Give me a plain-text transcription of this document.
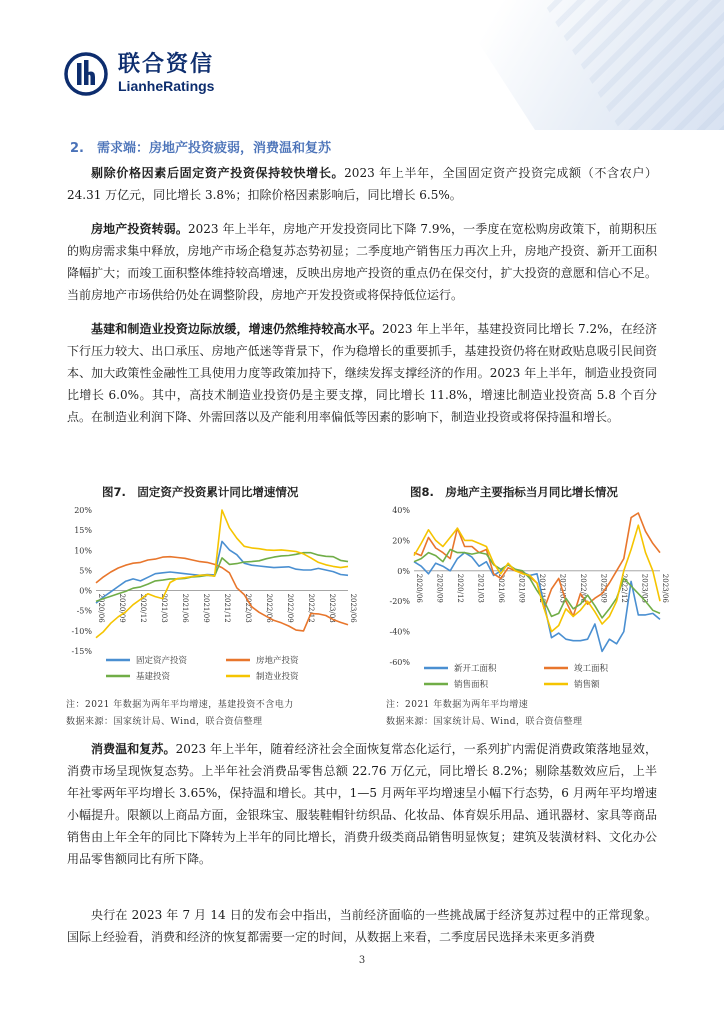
联合资信
LianheRatings
2.　需求端：房地产投资疲弱，消费温和复苏

剔除价格因素后固定资产投资保持较快增长。2023 年上半年，全国固定资产投资完成额（不含农户）24.31 万亿元，同比增长 3.8%；扣除价格因素影响后，同比增长 6.5%。

房地产投资转弱。2023 年上半年，房地产开发投资同比下降 7.9%，一季度在宽松购房政策下，前期积压的购房需求集中释放，房地产市场企稳复苏态势初显；二季度地产销售压力再次上升，房地产投资、新开工面积降幅扩大；而竣工面积整体维持较高增速，反映出房地产投资的重点仍在保交付，扩大投资的意愿和信心不足。当前房地产市场供给仍处在调整阶段，房地产开发投资或将保持低位运行。

基建和制造业投资边际放缓，增速仍然维持较高水平。2023 年上半年，基建投资同比增长 7.2%，在经济下行压力较大、出口承压、房地产低迷等背景下，作为稳增长的重要抓手，基建投资仍将在财政贴息吸引民间资本、加大政策性金融性工具使用力度等政策加持下，继续发挥支撑经济的作用。2023 年上半年，制造业投资同比增长 6.0%。其中，高技术制造业投资仍是主要支撑，同比增长 11.8%，增速比制造业投资高 5.8 个百分点。在制造业利润下降、外需回落以及产能利用率偏低等因素的影响下，制造业投资或将保持温和增长。

图7.　固定资产投资累计同比增速情况
20%
15%
10%
5%
0%
-5%
-10%
-15%
2020/06 2020/09 2020/12 2021/03 2021/06 2021/09 2021/12 2022/03 2022/06 2022/09 2022/12 2023/03 2023/06
固定资产投资	房地产投资
基建投资	制造业投资
注：2021 年数据为两年平均增速，基建投资不含电力
数据来源：国家统计局、Wind，联合资信整理
图8.　房地产主要指标当月同比增长情况
40%
20%
0%
-20%
-40%
-60%
2020/06 2020/09 2020/12 2021/03 2021/06 2021/09 2021/12 2022/03 2022/06 2022/09 2022/12 2023/03 2023/06
新开工面积	竣工面积
销售面积	销售额
注：2021 年数据为两年平均增速
数据来源：国家统计局、Wind，联合资信整理

消费温和复苏。2023 年上半年，随着经济社会全面恢复常态化运行，一系列扩内需促消费政策落地显效，消费市场呈现恢复态势。上半年社会消费品零售总额 22.76 万亿元，同比增长 8.2%；剔除基数效应后，上半年社零两年平均增长 3.65%，保持温和增长。其中，1—5 月两年平均增速呈小幅下行态势，6 月两年平均增速小幅提升。限额以上商品方面，金银珠宝、服装鞋帽针纺织品、化妆品、体育娱乐用品、通讯器材、家具等商品销售由上年全年的同比下降转为上半年的同比增长，消费升级类商品销售明显恢复；建筑及装潢材料、文化办公用品零售额同比有所下降。

央行在 2023 年 7 月 14 日的发布会中指出，当前经济面临的一些挑战属于经济复苏过程中的正常现象。国际上经验看，消费和经济的恢复都需要一定的时间，从数据上来看，二季度居民选择未来更多消费

3
